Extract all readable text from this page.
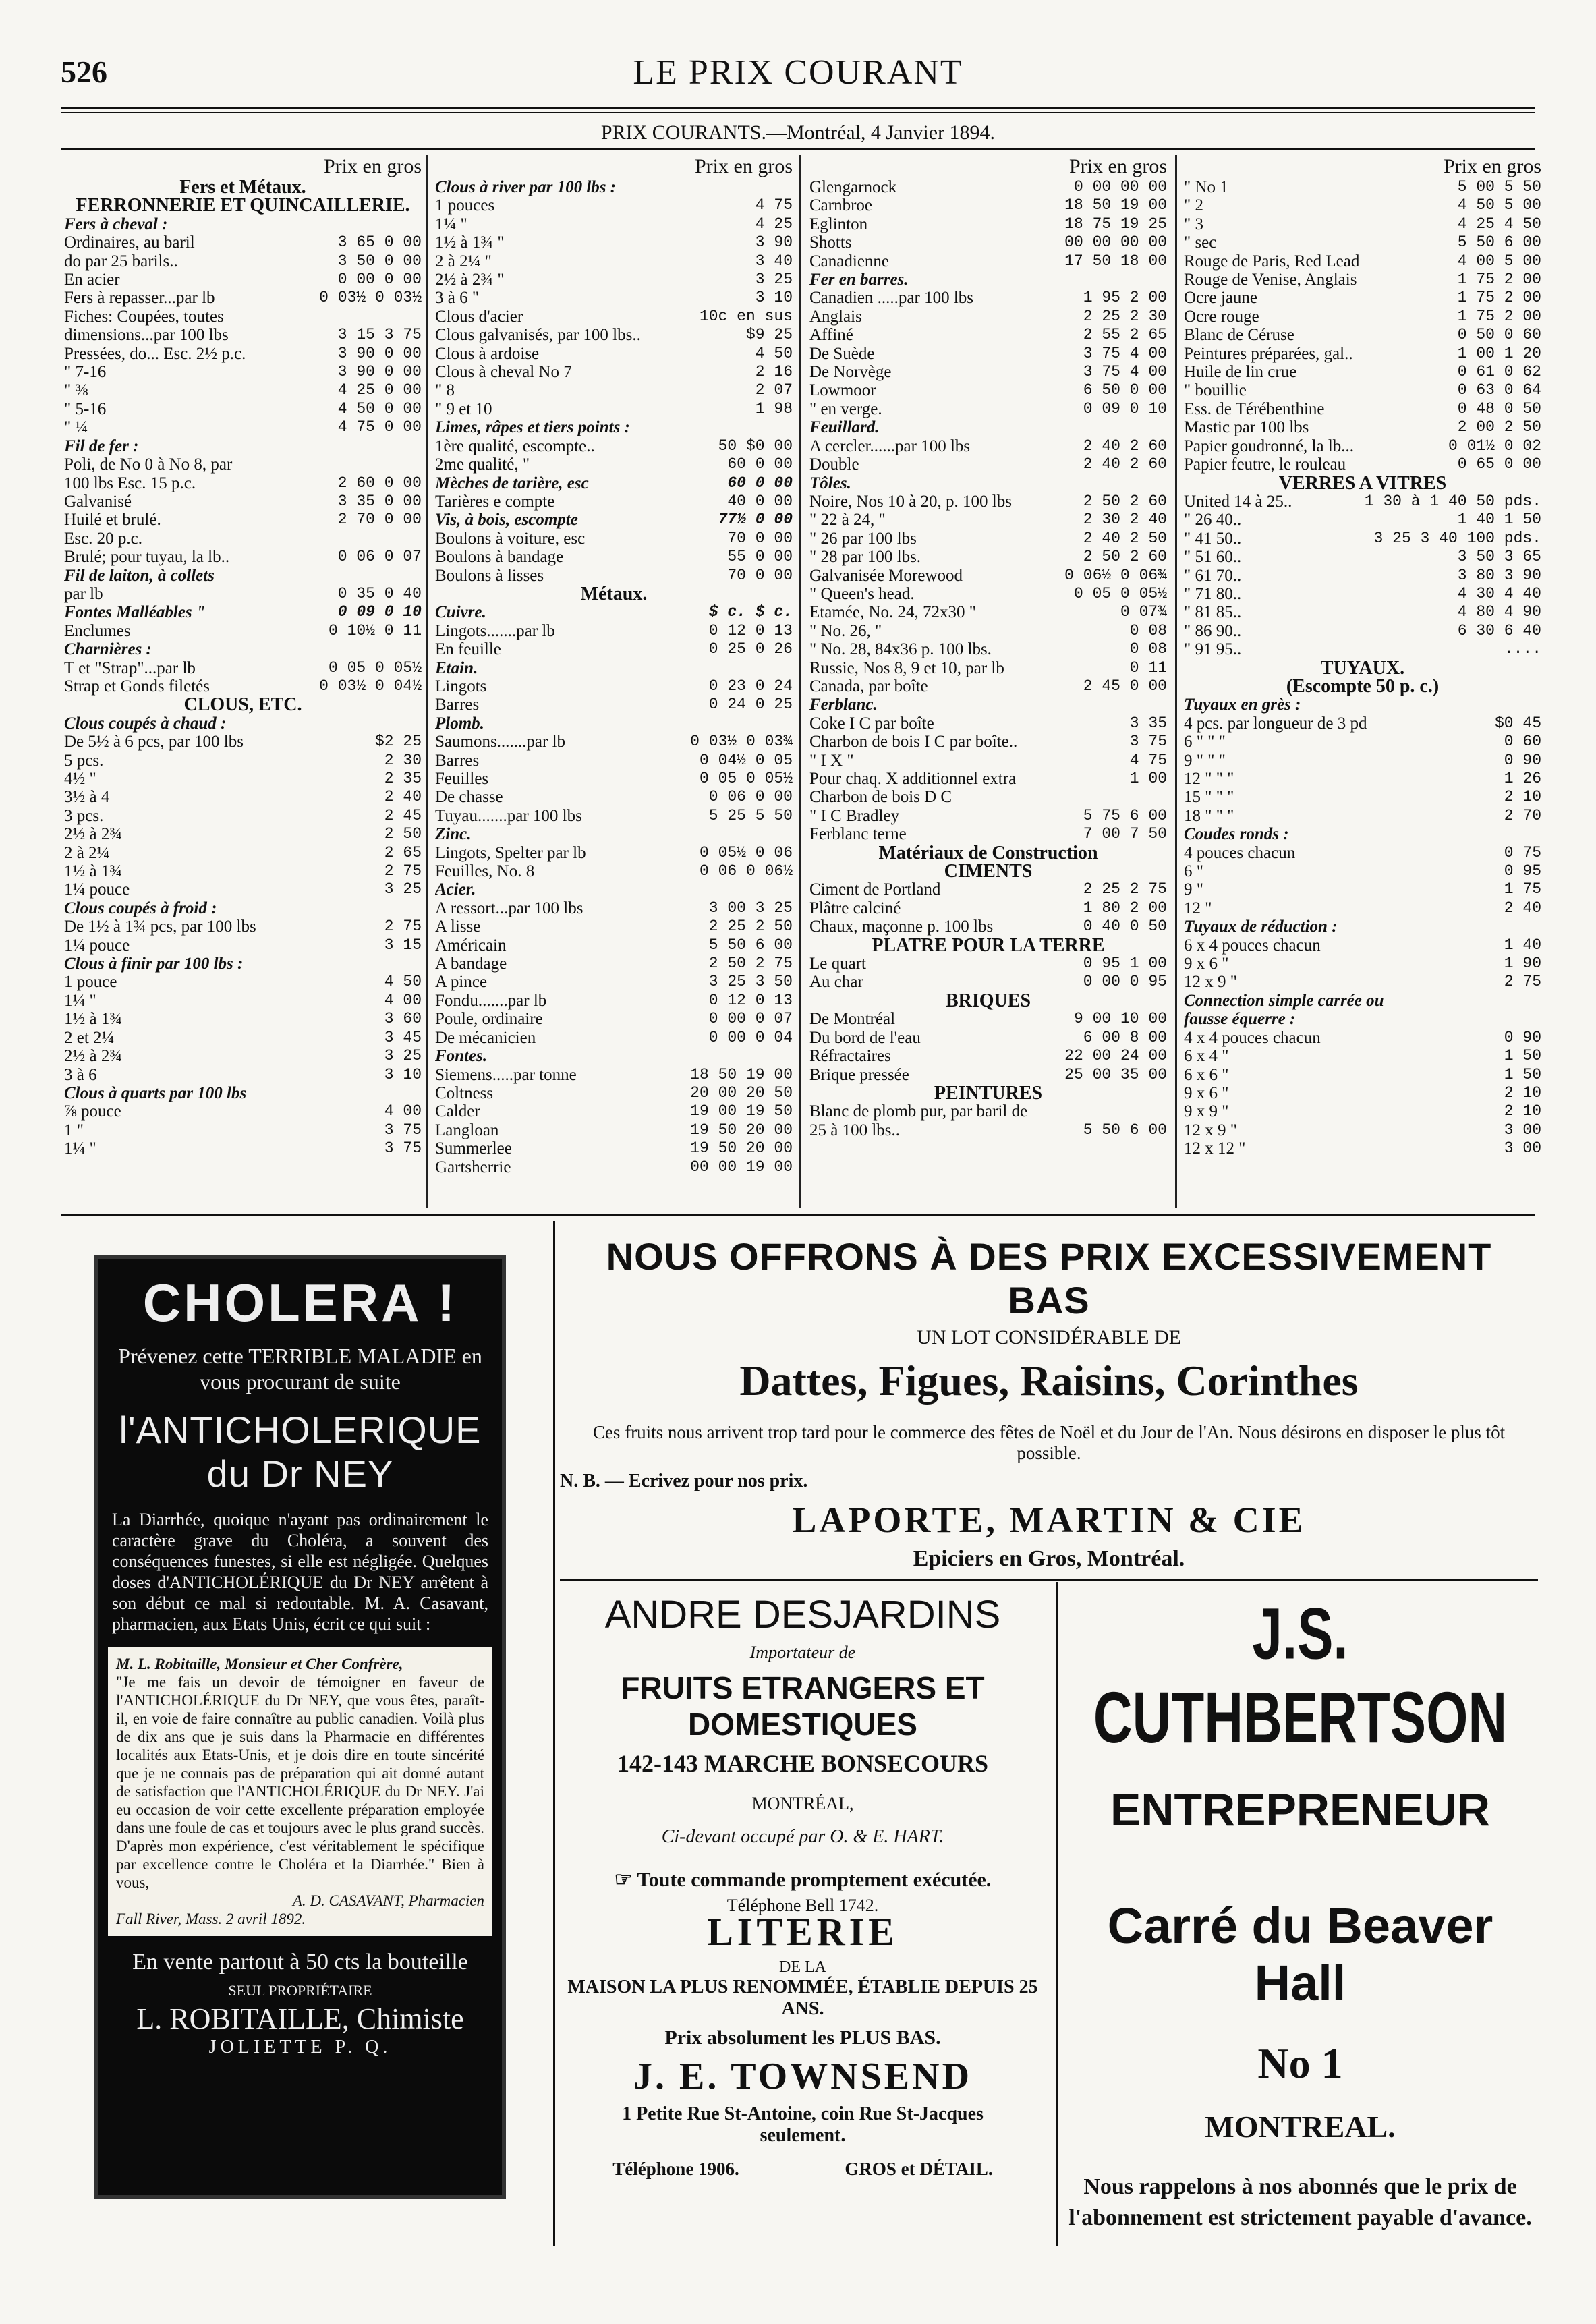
526	LE PRIX COURANT
PRIX COURANTS.—Montréal, 4 Janvier 1894.
Prix en gros
Fers et Métaux.
FERRONNERIE ET QUINCAILLERIE.
Fers à cheval :
Ordinaires, au baril	3 65 0 00
do par 25 barils..	3 50 0 00
En acier	0 00 0 00
Fers à repasser...par lb	0 03½ 0 03½
Fiches: Coupées, toutes
dimensions...par 100 lbs	3 15 3 75
Pressées, do... Esc. 2½ p.c.	3 90 0 00
" 7-16	3 90 0 00
" ⅜	4 25 0 00
" 5-16	4 50 0 00
" ¼	4 75 0 00
Fil de fer :
Poli, de No 0 à No 8, par
100 lbs Esc. 15 p.c.	2 60 0 00
Galvanisé	3 35 0 00
Huilé et brulé.	2 70 0 00
Esc. 20 p.c.
Brulé; pour tuyau, la lb..	0 06 0 07
Fil de laiton, à collets
par lb	0 35 0 40
Fontes Malléables "	0 09 0 10
Enclumes	0 10½ 0 11
Charnières :
T et "Strap"...par lb	0 05 0 05½
Strap et Gonds filetés	0 03½ 0 04½
CLOUS, ETC.
Clous coupés à chaud :
De 5½ à 6 pcs, par 100 lbs	$2 25
5 pcs.	2 30
4½ "	2 35
3½ à 4	2 40
3 pcs.	2 45
2½ à 2¾	2 50
2 à 2¼	2 65
1½ à 1¾	2 75
1¼ pouce	3 25
Clous coupés à froid :
De 1½ à 1¾ pcs, par 100 lbs	2 75
1¼ pouce	3 15
Clous à finir par 100 lbs :
1 pouce	4 50
1¼ "	4 00
1½ à 1¾	3 60
2 et 2¼	3 45
2½ à 2¾	3 25
3 à 6	3 10
Clous à quarts par 100 lbs
⅞ pouce	4 00
1 "	3 75
1¼ "	3 75
Prix en gros
Clous à river par 100 lbs :
1 pouces	4 75
1¼ "	4 25
1½ à 1¾ "	3 90
2 à 2¼ "	3 40
2½ à 2¾ "	3 25
3 à 6 "	3 10
Clous d'acier	10c en sus
Clous galvanisés, par 100 lbs..	$9 25
Clous à ardoise	4 50
Clous à cheval No 7	2 16
" 8	2 07
" 9 et 10	1 98
Limes, râpes et tiers points :
1ère qualité, escompte..	50 $0 00
2me qualité, "	60 0 00
Mèches de tarière, esc	60 0 00
Tarières e compte	40 0 00
Vis, à bois, escompte	77½ 0 00
Boulons à voiture, esc	70 0 00
Boulons à bandage	55 0 00
Boulons à lisses	70 0 00
Métaux.
Cuivre.	$ c. $ c.
Lingots.......par lb	0 12 0 13
En feuille	0 25 0 26
Etain.
Lingots	0 23 0 24
Barres	0 24 0 25
Plomb.
Saumons.......par lb	0 03½ 0 03¾
Barres	0 04½ 0 05
Feuilles	0 05 0 05½
De chasse	0 06 0 00
Tuyau.......par 100 lbs	5 25 5 50
Zinc.
Lingots, Spelter par lb	0 05½ 0 06
Feuilles, No. 8	0 06 0 06½
Acier.
A ressort...par 100 lbs	3 00 3 25
A lisse	2 25 2 50
Américain	5 50 6 00
A bandage	2 50 2 75
A pince	3 25 3 50
Fondu.......par lb	0 12 0 13
Poule, ordinaire	0 00 0 07
De mécanicien	0 00 0 04
Fontes.
Siemens.....par tonne	18 50 19 00
Coltness	20 00 20 50
Calder	19 00 19 50
Langloan	19 50 20 00
Summerlee	19 50 20 00
Gartsherrie	00 00 19 00
Prix en gros
Glengarnock	0 00 00 00
Carnbroe	18 50 19 00
Eglinton	18 75 19 25
Shotts	00 00 00 00
Canadienne	17 50 18 00
Fer en barres.
Canadien .....par 100 lbs	1 95 2 00
Anglais	2 25 2 30
Affiné	2 55 2 65
De Suède	3 75 4 00
De Norvège	3 75 4 00
Lowmoor	6 50 0 00
" en verge.	0 09 0 10
Feuillard.
A cercler......par 100 lbs	2 40 2 60
Double	2 40 2 60
Tôles.
Noire, Nos 10 à 20, p. 100 lbs	2 50 2 60
" 22 à 24, "	2 30 2 40
" 26 par 100 lbs	2 40 2 50
" 28 par 100 lbs.	2 50 2 60
Galvanisée Morewood	0 06½ 0 06¾
" Queen's head.	0 05 0 05½
Etamée, No. 24, 72x30 "	0 07¾
" No. 26, "	0 08
" No. 28, 84x36 p. 100 lbs.	0 08
Russie, Nos 8, 9 et 10, par lb	0 11
Canada, par boîte	2 45 0 00
Ferblanc.
Coke I C par boîte	3 35
Charbon de bois I C par boîte..	3 75
" I X "	4 75
Pour chaq. X additionnel extra	1 00
Charbon de bois D C
" I C Bradley	5 75 6 00
Ferblanc terne	7 00 7 50
Matériaux de Construction
CIMENTS
Ciment de Portland	2 25 2 75
Plâtre calciné	1 80 2 00
Chaux, maçonne p. 100 lbs	0 40 0 50
PLATRE POUR LA TERRE
Le quart	0 95 1 00
Au char	0 00 0 95
BRIQUES
De Montréal	9 00 10 00
Du bord de l'eau	6 00 8 00
Réfractaires	22 00 24 00
Brique pressée	25 00 35 00
PEINTURES
Blanc de plomb pur, par baril de
25 à 100 lbs..	5 50 6 00
Prix en gros
" No 1	5 00 5 50
" 2	4 50 5 00
" 3	4 25 4 50
" sec	5 50 6 00
Rouge de Paris, Red Lead	4 00 5 00
Rouge de Venise, Anglais	1 75 2 00
Ocre jaune	1 75 2 00
Ocre rouge	1 75 2 00
Blanc de Céruse	0 50 0 60
Peintures préparées, gal..	1 00 1 20
Huile de lin crue	0 61 0 62
" bouillie	0 63 0 64
Ess. de Térébenthine	0 48 0 50
Mastic par 100 lbs	2 00 2 50
Papier goudronné, la lb...	0 01½ 0 02
Papier feutre, le rouleau	0 65 0 00
VERRES A VITRES
United 14 à 25..	1 30 à 1 40 50 pds.
" 26 40..	1 40 1 50
" 41 50..	3 25 3 40 100 pds.
" 51 60..	3 50 3 65
" 61 70..	3 80 3 90
" 71 80..	4 30 4 40
" 81 85..	4 80 4 90
" 86 90..	6 30 6 40
" 91 95..	....
TUYAUX.
(Escompte 50 p. c.)
Tuyaux en grès :
4 pcs. par longueur de 3 pd	$0 45
6 " " "	0 60
9 " " "	0 90
12 " " "	1 26
15 " " "	2 10
18 " " "	2 70
Coudes ronds :
4 pouces chacun	0 75
6 "	0 95
9 "	1 75
12 "	2 40
Tuyaux de réduction :
6 x 4 pouces chacun	1 40
9 x 6 "	1 90
12 x 9 "	2 75
Connection simple carrée ou
fausse équerre :
4 x 4 pouces chacun	0 90
6 x 4 "	1 50
6 x 6 "	1 50
9 x 6 "	2 10
9 x 9 "	2 10
12 x 9 "	3 00
12 x 12 "	3 00
CHOLERA !
Prévenez cette TERRIBLE MALADIE en vous procurant de suite
l'ANTICHOLERIQUE du Dr NEY
La Diarrhée, quoique n'ayant pas ordinairement le caractère grave du Choléra, a souvent des conséquences funestes, si elle est négligée. Quelques doses d'ANTICHOLÉRIQUE du Dr NEY arrêtent à son début ce mal si redoutable. M. A. Casavant, pharmacien, aux Etats Unis, écrit ce qui suit :
M. L. Robitaille, Monsieur et Cher Confrère,
"Je me fais un devoir de témoigner en faveur de l'ANTICHOLÉRIQUE du Dr NEY, que vous êtes, paraît-il, en voie de faire connaître au public canadien. Voilà plus de dix ans que je suis dans la Pharmacie en différentes localités aux Etats-Unis, et je dois dire en toute sincérité que je ne connais pas de préparation qui ait donné autant de satisfaction que l'ANTICHOLÉRIQUE du Dr NEY. J'ai eu occasion de voir cette excellente préparation employée dans une foule de cas et toujours avec le plus grand succès. D'après mon expérience, c'est véritablement le spécifique par excellence contre le Choléra et la Diarrhée." Bien à vous,
A. D. CASAVANT, Pharmacien
Fall River, Mass. 2 avril 1892.
En vente partout à 50 cts la bouteille
SEUL PROPRIÉTAIRE
L. ROBITAILLE, Chimiste
JOLIETTE P. Q.
NOUS OFFRONS À DES PRIX EXCESSIVEMENT BAS
UN LOT CONSIDÉRABLE DE
Dattes, Figues, Raisins, Corinthes
Ces fruits nous arrivent trop tard pour le commerce des fêtes de Noël et du Jour de l'An. Nous désirons en disposer le plus tôt possible.
N. B. — Ecrivez pour nos prix.
LAPORTE, MARTIN & CIE
Epiciers en Gros, Montréal.
ANDRE DESJARDINS
Importateur de
FRUITS ETRANGERS ET DOMESTIQUES
142-143 MARCHE BONSECOURS
MONTRÉAL,
Ci-devant occupé par O. & E. HART.
☞ Toute commande promptement exécutée.
Téléphone Bell 1742.
LITERIE
DE LA
MAISON LA PLUS RENOMMÉE, ÉTABLIE DEPUIS 25 ANS.
Prix absolument les PLUS BAS.
J. E. TOWNSEND
1 Petite Rue St-Antoine, coin Rue St-Jacques seulement.
Téléphone 1906.	GROS et DÉTAIL.
J.S. CUTHBERTSON
ENTREPRENEUR
Carré du Beaver Hall
No 1
MONTREAL.
Nous rappelons à nos abonnés que le prix de l'abonnement est strictement payable d'avance.
